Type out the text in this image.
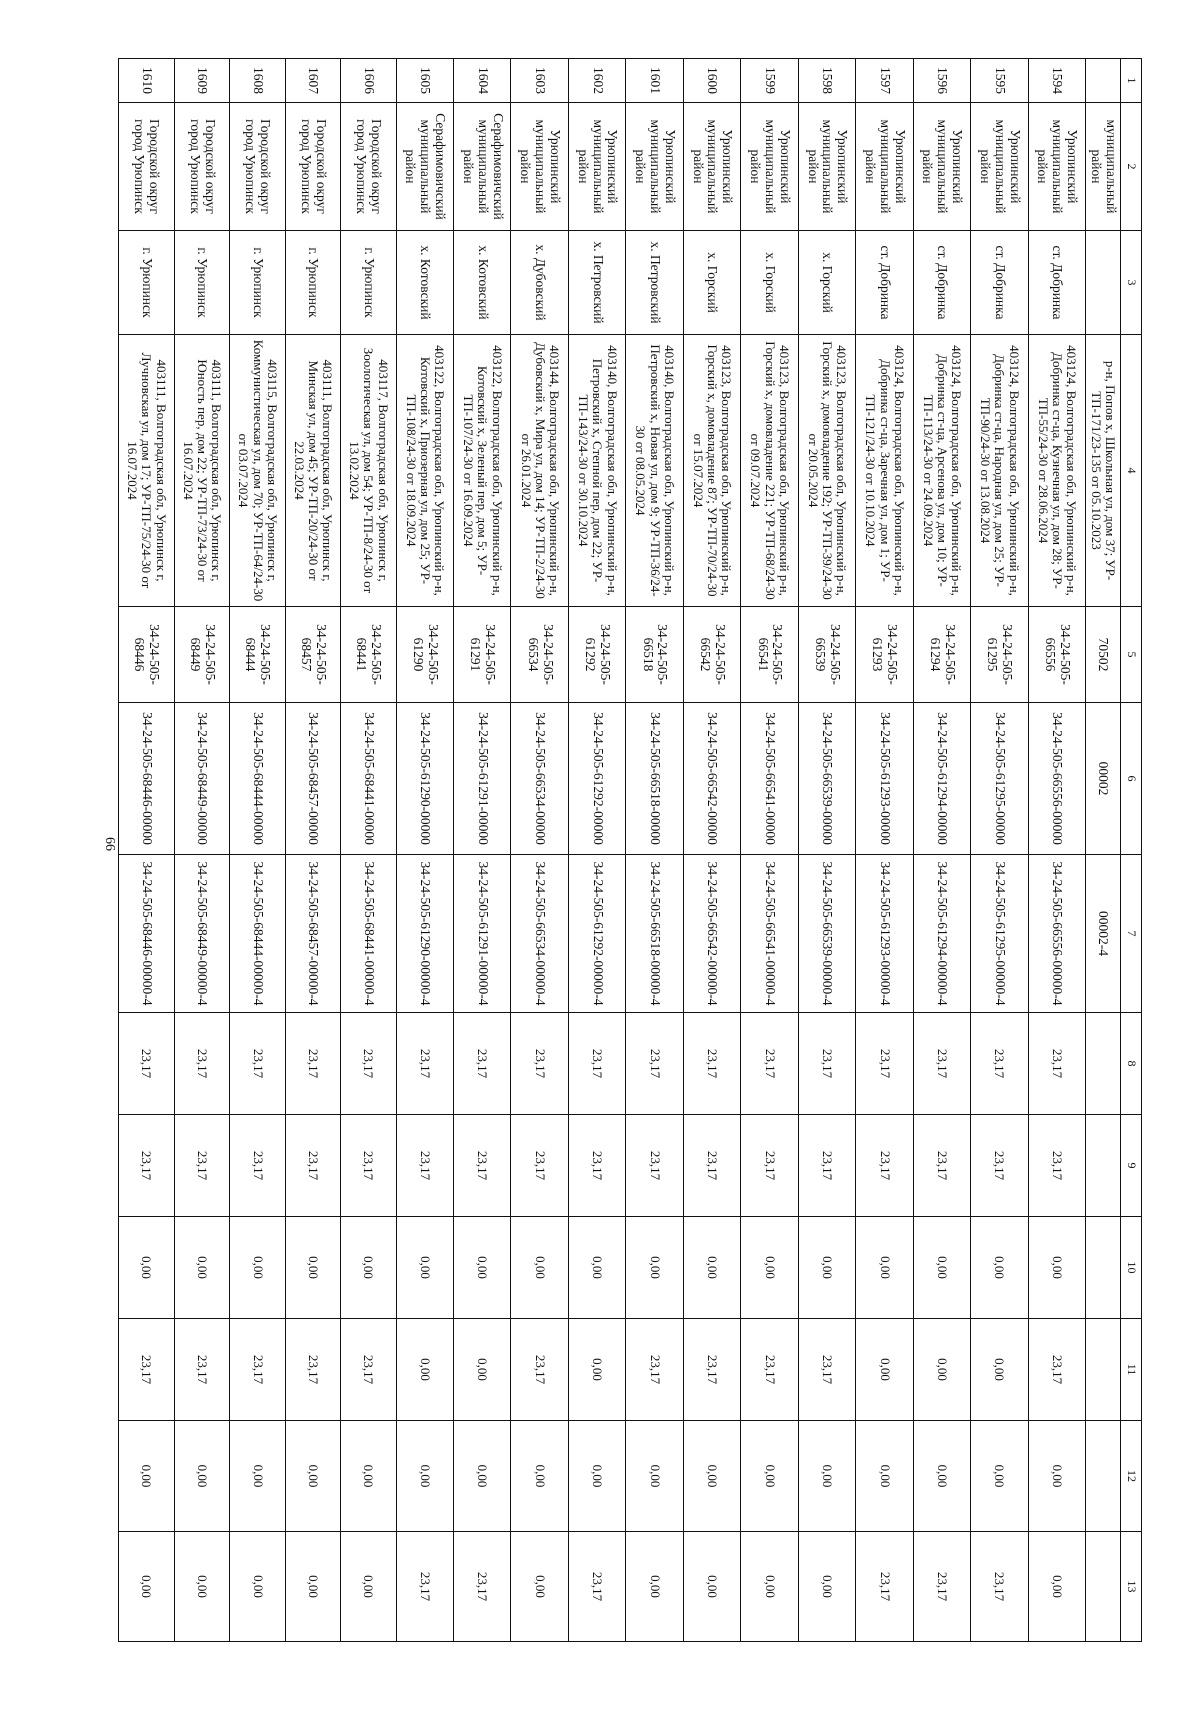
66
1	2	3	4	5	6	7	8	9	10	11	12	13
	муниципальный район		р-н, Попов х, Школьная ул, дом 37; УР-ТП-171/23-135 от 05.10.2023	70502	00002	00002-4						
1594	Урюпинский муниципальный район	ст. Добринка	403124, Волгоградская обл, Урюпинский р-н, Добринка ст-ца, Кузнечная ул, дом 28; УР-ТП-55/24-30 от 28.06.2024	34-24-505-66556	34-24-505-66556-00000	34-24-505-66556-00000-4	23,17	23,17	0,00	23,17	0,00	0,00
1595	Урюпинский муниципальный район	ст. Добринка	403124, Волгоградская обл, Урюпинский р-н, Добринка ст-ца, Народная ул, дом 25; УР-ТП-90/24-30 от 13.08.2024	34-24-505-61295	34-24-505-61295-00000	34-24-505-61295-00000-4	23,17	23,17	0,00	0,00	0,00	23,17
1596	Урюпинский муниципальный район	ст. Добринка	403124, Волгоградская обл, Урюпинский р-н, Добринка ст-ца, Арсенова ул, дом 10; УР-ТП-113/24-30 от 24.09.2024	34-24-505-61294	34-24-505-61294-00000	34-24-505-61294-00000-4	23,17	23,17	0,00	0,00	0,00	23,17
1597	Урюпинский муниципальный район	ст. Добринка	403124, Волгоградская обл, Урюпинский р-н, Добринка ст-ца, Заречная ул, дом 1; УР-ТП-121/24-30 от 10.10.2024	34-24-505-61293	34-24-505-61293-00000	34-24-505-61293-00000-4	23,17	23,17	0,00	0,00	0,00	23,17
1598	Урюпинский муниципальный район	х. Горский	403123, Волгоградская обл, Урюпинский р-н, Горский х, домовладение 192; УР-ТП-39/24-30 от 20.05.2024	34-24-505-66539	34-24-505-66539-00000	34-24-505-66539-00000-4	23,17	23,17	0,00	23,17	0,00	0,00
1599	Урюпинский муниципальный район	х. Горский	403123, Волгоградская обл, Урюпинский р-н, Горский х, домовладение 221; УР-ТП-68/24-30 от 09.07.2024	34-24-505-66541	34-24-505-66541-00000	34-24-505-66541-00000-4	23,17	23,17	0,00	23,17	0,00	0,00
1600	Урюпинский муниципальный район	х. Горский	403123, Волгоградская обл, Урюпинский р-н, Горский х, домовладение 87; УР-ТП-70/24-30 от 15.07.2024	34-24-505-66542	34-24-505-66542-00000	34-24-505-66542-00000-4	23,17	23,17	0,00	23,17	0,00	0,00
1601	Урюпинский муниципальный район	х. Петровский	403140, Волгоградская обл, Урюпинский р-н, Петровский х, Новая ул, дом 9; УР-ТП-36/24-30 от 08.05.2024	34-24-505-66518	34-24-505-66518-00000	34-24-505-66518-00000-4	23,17	23,17	0,00	23,17	0,00	0,00
1602	Урюпинский муниципальный район	х. Петровский	403140, Волгоградская обл, Урюпинский р-н, Петровский х, Степной пер, дом 22; УР-ТП-143/24-30 от 30.10.2024	34-24-505-61292	34-24-505-61292-00000	34-24-505-61292-00000-4	23,17	23,17	0,00	0,00	0,00	23,17
1603	Урюпинский муниципальный район	х. Дубовский	403144, Волгоградская обл, Урюпинский р-н, Дубовский х, Мира ул, дом 14; УР-ТП-2/24-30 от 26.01.2024	34-24-505-66534	34-24-505-66534-00000	34-24-505-66534-00000-4	23,17	23,17	0,00	23,17	0,00	0,00
1604	Серафимовичский муниципальный район	х. Котовский	403122, Волгоградская обл, Урюпинский р-н, Котовский х, Зеленый пер, дом 5; УР-ТП-107/24-30 от 16.09.2024	34-24-505-61291	34-24-505-61291-00000	34-24-505-61291-00000-4	23,17	23,17	0,00	0,00	0,00	23,17
1605	Серафимовичский муниципальный район	х. Котовский	403122, Волгоградская обл, Урюпинский р-н, Котовский х, Приозерная ул, дом 25; УР-ТП-108/24-30 от 18.09.2024	34-24-505-61290	34-24-505-61290-00000	34-24-505-61290-00000-4	23,17	23,17	0,00	0,00	0,00	23,17
1606	Городской округ город Урюпинск	г. Урюпинск	403117, Волгоградская обл, Урюпинск г, Зоологическая ул, дом 54; УР-ТП-8/24-30 от 13.02.2024	34-24-505-68441	34-24-505-68441-00000	34-24-505-68441-00000-4	23,17	23,17	0,00	23,17	0,00	0,00
1607	Городской округ город Урюпинск	г. Урюпинск	403111, Волгоградская обл, Урюпинск г, Минская ул, дом 45; УР-ТП-20/24-30 от 22.03.2024	34-24-505-68457	34-24-505-68457-00000	34-24-505-68457-00000-4	23,17	23,17	0,00	23,17	0,00	0,00
1608	Городской округ город Урюпинск	г. Урюпинск	403115, Волгоградская обл, Урюпинск г, Коммунистическая ул, дом 70; УР-ТП-64/24-30 от 03.07.2024	34-24-505-68444	34-24-505-68444-00000	34-24-505-68444-00000-4	23,17	23,17	0,00	23,17	0,00	0,00
1609	Городской округ город Урюпинск	г. Урюпинск	403111, Волгоградская обл, Урюпинск г, Юность пер, дом 22; УР-ТП-73/24-30 от 16.07.2024	34-24-505-68449	34-24-505-68449-00000	34-24-505-68449-00000-4	23,17	23,17	0,00	23,17	0,00	0,00
1610	Городской округ город Урюпинск	г. Урюпинск	403111, Волгоградская обл, Урюпинск г, Лучновская ул, дом 17; УР-ТП-75/24-30 от 16.07.2024	34-24-505-68446	34-24-505-68446-00000	34-24-505-68446-00000-4	23,17	23,17	0,00	23,17	0,00	0,00
